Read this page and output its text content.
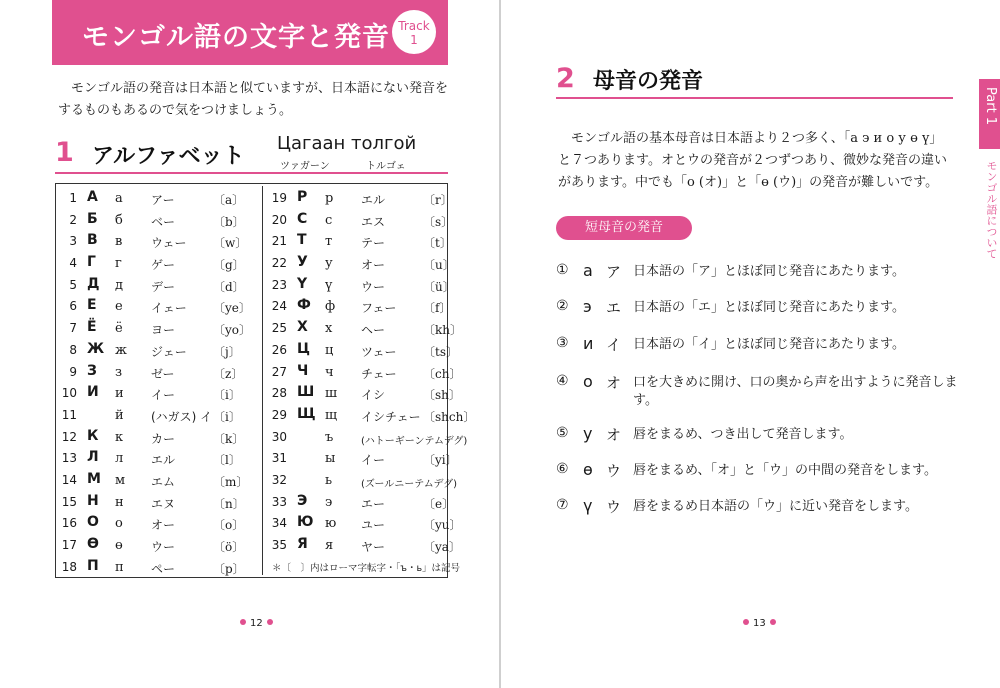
モンゴル語の文字と発音 Track
1

モンゴル語の発音は日本語と似ていますが、日本語にない発音をするものもあるので気をつけましょう。

1 アルファベット
Цагаан толгой
ツァガーン	トルゴェ
1 А а アー	〔a〕
2 Б б ベー	〔b〕
3 В в ウェー 〔w〕
4 Г г ゲー	〔g〕
5 Д д デー	〔d〕
6 Е е イェー 〔ye〕
7 Ё ё ヨー	〔yo〕
8 Ж ж ジェー 〔j〕
9 З з ゼー	〔z〕
10 И и イー	〔i〕
11	й (ハガス) イ 〔i〕
12 К к カー	〔k〕
13 Л л エル	〔l〕
14 М м エム	〔m〕
15 Н н エヌ	〔n〕
16 О о オー	〔o〕
17 Ө ө ウー	〔ö〕
18 П п ペー	〔p〕
19 Р р エル	〔r〕
20 С с エス	〔s〕
21 Т т テー	〔t〕
22 У у オー	〔u〕
23 Ү ү ウー	〔ü〕
24 Ф ф フェー 〔f〕
25 Х х ヘー	〔kh〕
26 Ц ц ツェー 〔ts〕
27 Ч ч チェー 〔ch〕
28 Ш ш イシ	〔sh〕
29 Щ щ イシチェー 〔shch〕
30	ъ	(ハトーギーンテムデグ)
31	ы イー	〔yi〕
32	ь	(ズールニーテムデグ)
33 Э э エー	〔e〕
34 Ю ю ユー	〔yu〕
35 Я я ヤー	〔ya〕
＊〔　〕内はローマ字転字・「ъ・ь」は記号
12
2 母音の発音

モンゴル語の基本母音は日本語より２つ多く、「а э и о у ө ү」と７つあります。オとウの発音が２つずつあり、微妙な発音の違いがあります。中でも「о (オ)」と「ө (ウ)」の発音が難しいです。

短母音の発音
① а ア 日本語の「ア」とほぼ同じ発音にあたります。
② э エ 日本語の「エ」とほぼ同じ発音にあたります。
③ и イ 日本語の「イ」とほぼ同じ発音にあたります。
④ о オ 口を大きめに開け、口の奥から声を出すように発音します。
⑤ у オ 唇をまるめ、つき出して発音します。
⑥ ө ウ 唇をまるめ、「オ」と「ウ」の中間の発音をします。
⑦ ү ウ 唇をまるめ日本語の「ウ」に近い発音をします。
Part 1
モンゴル語について
13
